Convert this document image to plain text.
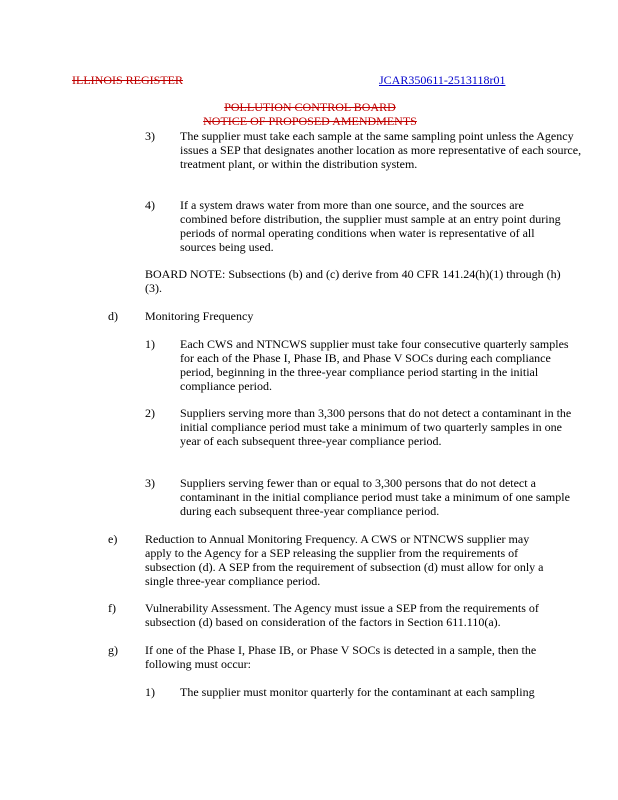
ILLINOIS REGISTER	JCAR350611-2513118r01
POLLUTION CONTROL BOARD
NOTICE OF PROPOSED AMENDMENTS
3) The supplier must take each sample at the same sampling point unless the Agency issues a SEP that designates another location as more representative of each source, treatment plant, or within the distribution system.
4) If a system draws water from more than one source, and the sources are combined before distribution, the supplier must sample at an entry point during periods of normal operating conditions when water is representative of all sources being used.
BOARD NOTE: Subsections (b) and (c) derive from 40 CFR 141.24(h)(1) through (h)(3).
d) Monitoring Frequency
1) Each CWS and NTNCWS supplier must take four consecutive quarterly samples for each of the Phase I, Phase IB, and Phase V SOCs during each compliance period, beginning in the three-year compliance period starting in the initial compliance period.
2) Suppliers serving more than 3,300 persons that do not detect a contaminant in the initial compliance period must take a minimum of two quarterly samples in one year of each subsequent three-year compliance period.
3) Suppliers serving fewer than or equal to 3,300 persons that do not detect a contaminant in the initial compliance period must take a minimum of one sample during each subsequent three-year compliance period.
e) Reduction to Annual Monitoring Frequency. A CWS or NTNCWS supplier may apply to the Agency for a SEP releasing the supplier from the requirements of subsection (d). A SEP from the requirement of subsection (d) must allow for only a single three-year compliance period.
f) Vulnerability Assessment. The Agency must issue a SEP from the requirements of subsection (d) based on consideration of the factors in Section 611.110(a).
g) If one of the Phase I, Phase IB, or Phase V SOCs is detected in a sample, then the following must occur:
1) The supplier must monitor quarterly for the contaminant at each sampling
